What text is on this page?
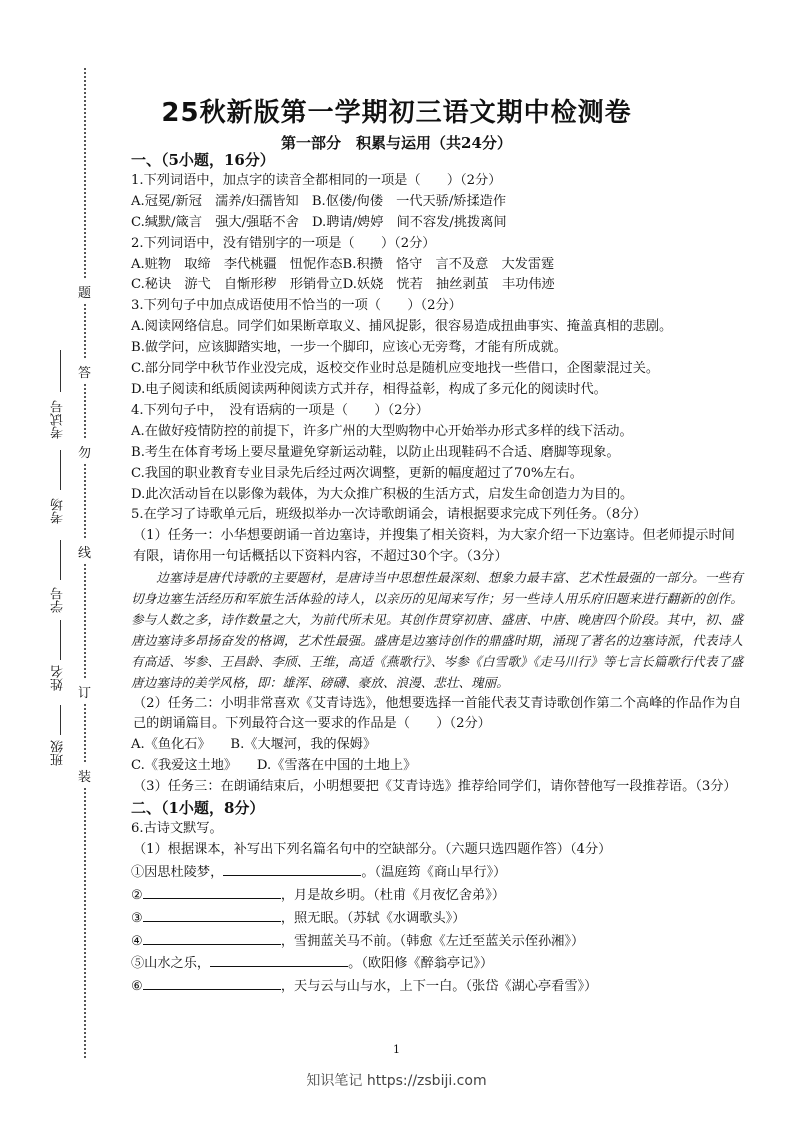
班级
姓名
学号
考场
考试号
装
订
线
勿
答
题
25秋新版第一学期初三语文期中检测卷
第一部分　积累与运用（共24分）

一、（5小题，16分）

1.下列词语中，加点字的读音全都相同的一项是（　　）（2分）

A.冠冕/新冠　濡养/妇孺皆知　B.伛偻/佝偻　一代天骄/矫揉造作

C.缄默/箴言　强大/强聒不舍　D.聘请/娉婷　间不容发/挑拨离间

2.下列词语中，没有错别字的一项是（　　）（2分）

A.赃物　取缔　李代桃疆　忸怩作态B.积攒　恪守　言不及意　大发雷霆

C.秘诀　游弋　自惭形秽　形销骨立D.妖娆　恍若　抽丝剥茧　丰功伟迹

3.下列句子中加点成语使用不恰当的一项（　　）（2分）

A.阅读网络信息。同学们如果断章取义、捕风捉影，很容易造成扭曲事实、掩盖真相的悲剧。

B.做学问，应该脚踏实地，一步一个脚印，应该心无旁骛，才能有所成就。

C.部分同学中秋节作业没完成，返校交作业时总是随机应变地找一些借口，企图蒙混过关。

D.电子阅读和纸质阅读两种阅读方式并存，相得益彰，构成了多元化的阅读时代。

4.下列句子中，　没有语病的一项是（　　）（2分）

A.在做好疫情防控的前提下，许多广州的大型购物中心开始举办形式多样的线下活动。

B.考生在体育考场上要尽量避免穿新运动鞋，以防止出现鞋码不合适、磨脚等现象。

C.我国的职业教育专业目录先后经过两次调整，更新的幅度超过了70%左右。

D.此次活动旨在以影像为载体，为大众推广积极的生活方式，启发生命创造力为目的。

5.在学习了诗歌单元后，班级拟举办一次诗歌朗诵会，请根据要求完成下列任务。（8分）

（1）任务一：小华想要朗诵一首边塞诗，并搜集了相关资料，为大家介绍一下边塞诗。但老师提示时间有限，请你用一句话概括以下资料内容，不超过30个字。（3分）

边塞诗是唐代诗歌的主要题材，是唐诗当中思想性最深刻、想象力最丰富、艺术性最强的一部分。一些有切身边塞生活经历和军旅生活体验的诗人，以亲历的见闻来写作；另一些诗人用乐府旧题来进行翻新的创作。参与人数之多，诗作数量之大，为前代所未见。其创作贯穿初唐、盛唐、中唐、晚唐四个阶段。其中，初、盛唐边塞诗多昂扬奋发的格调，艺术性最强。盛唐是边塞诗创作的鼎盛时期，涌现了著名的边塞诗派，代表诗人有高适、岑参、王昌龄、李颀、王维，高适《燕歌行》、岑参《白雪歌》《走马川行》等七言长篇歌行代表了盛唐边塞诗的美学风格，即：雄浑、磅礴、豪放、浪漫、悲壮、瑰丽。

（2）任务二：小明非常喜欢《艾青诗选》，他想要选择一首能代表艾青诗歌创作第二个高峰的作品作为自己的朗诵篇目。下列最符合这一要求的作品是（　　）（2分）

A.《鱼化石》　　B.《大堰河，我的保姆》

C.《我爱这土地》　　D.《雪落在中国的土地上》

（3）任务三：在朗诵结束后，小明想要把《艾青诗选》推荐给同学们，请你替他写一段推荐语。（3分）

二、（1小题，8分）

6.古诗文默写。

（1）根据课本，补写出下列名篇名句中的空缺部分。（六题只选四题作答）（4分）

①因思杜陵梦，	。（温庭筠《商山早行》）

②	，月是故乡明。（杜甫《月夜忆舍弟》）

③	，照无眠。（苏轼《水调歌头》）

④	，雪拥蓝关马不前。（韩愈《左迁至蓝关示侄孙湘》）

⑤山水之乐，	。（欧阳修《醉翁亭记》）

⑥	，天与云与山与水，上下一白。（张岱《湖心亭看雪》）

1
知识笔记 https://zsbiji.com
